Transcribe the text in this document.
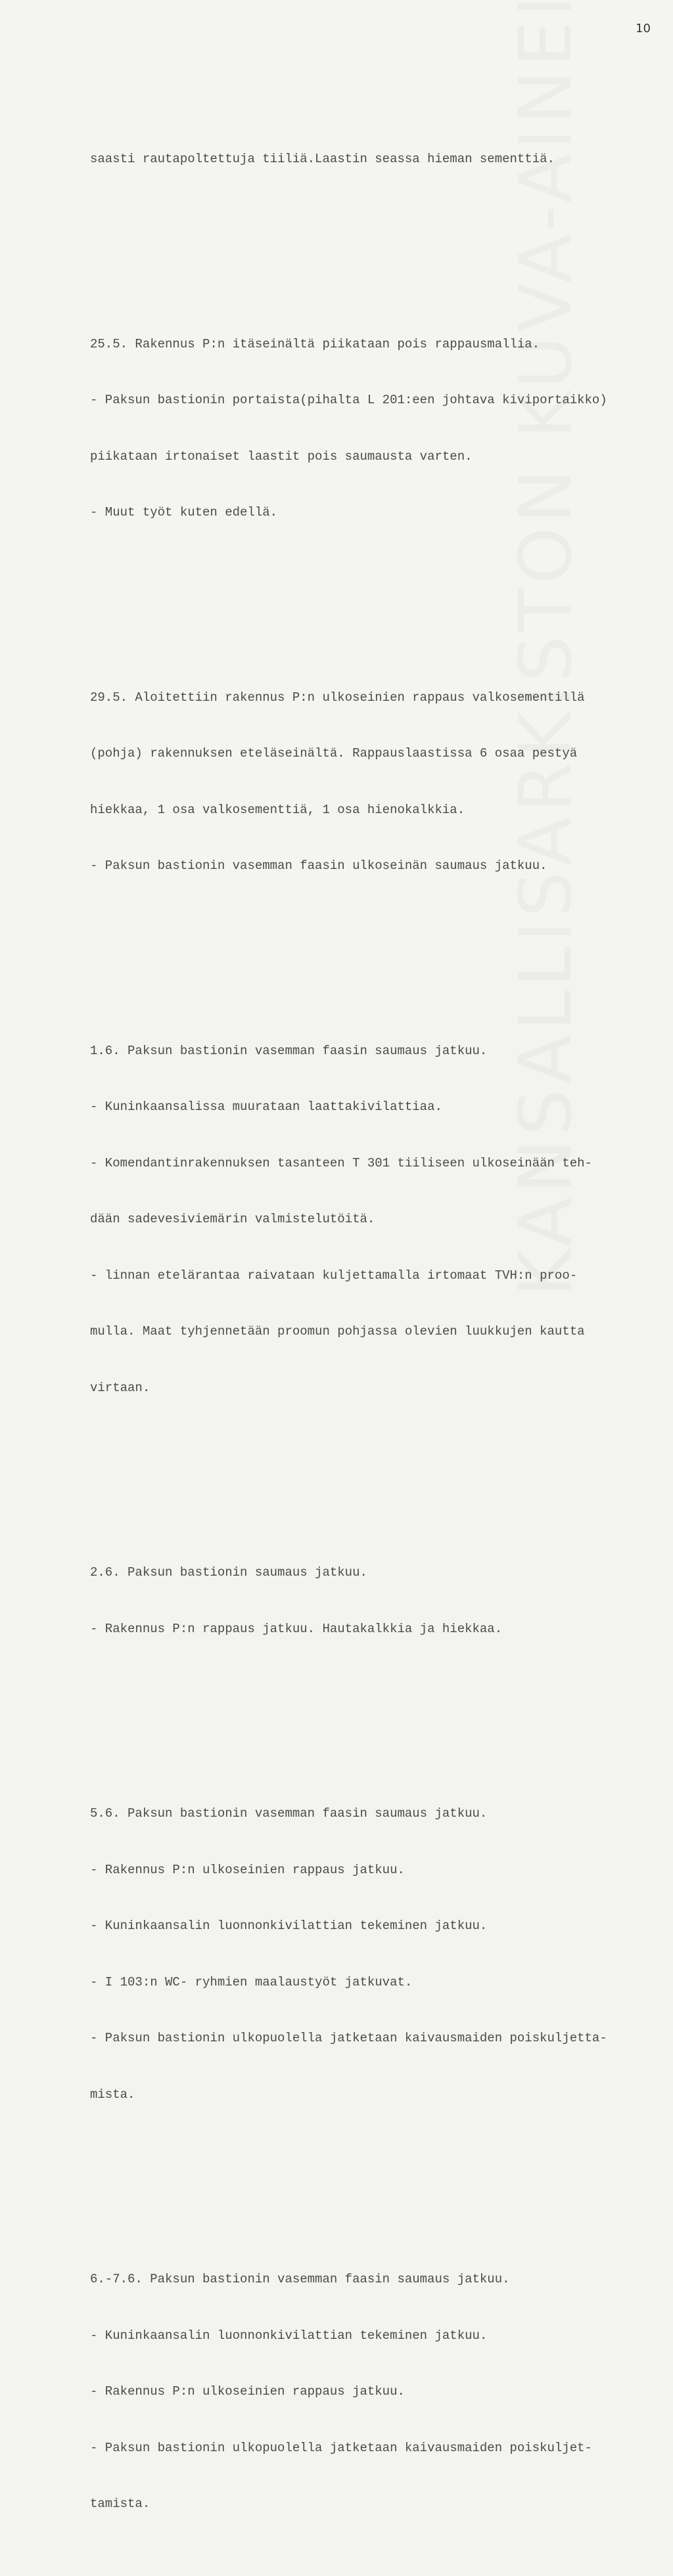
10

saasti rautapoltettuja tiiliä.Laastin seassa hieman sementtiä.

25.5. Rakennus P:n itäseinältä piikataan pois rappausmallia.

- Paksun bastionin portaista(pihalta L 201:een johtava kiviportaikko)

piikataan irtonaiset laastit pois saumausta varten.

- Muut työt kuten edellä.

29.5. Aloitettiin rakennus P:n ulkoseinien rappaus valkosementillä

(pohja) rakennuksen eteläseinältä. Rappauslaastissa 6 osaa pestyä

hiekkaa, 1 osa valkosementtiä, 1 osa hienokalkkia.

- Paksun bastionin vasemman faasin ulkoseinän saumaus jatkuu.

1.6. Paksun bastionin vasemman faasin saumaus jatkuu.

- Kuninkaansalissa muurataan laattakivilattiaa.

- Komendantinrakennuksen tasanteen T 301 tiiliseen ulkoseinään teh-

dään sadevesiviemärin valmistelutöitä.

- linnan etelärantaa raivataan kuljettamalla irtomaat TVH:n proo-

mulla. Maat tyhjennetään proomun pohjassa olevien luukkujen kautta

virtaan.

2.6. Paksun bastionin saumaus jatkuu.

- Rakennus P:n rappaus jatkuu. Hautakalkkia ja hiekkaa.

5.6. Paksun bastionin vasemman faasin saumaus jatkuu.

- Rakennus P:n ulkoseinien rappaus jatkuu.

- Kuninkaansalin luonnonkivilattian tekeminen jatkuu.

- I 103:n WC- ryhmien maalaustyöt jatkuvat.

- Paksun bastionin ulkopuolella jatketaan kaivausmaiden poiskuljetta-

mista.

6.-7.6. Paksun bastionin vasemman faasin saumaus jatkuu.

- Kuninkaansalin luonnonkivilattian tekeminen jatkuu.

- Rakennus P:n ulkoseinien rappaus jatkuu.

- Paksun bastionin ulkopuolella jatketaan kaivausmaiden poiskuljet-

tamista.
